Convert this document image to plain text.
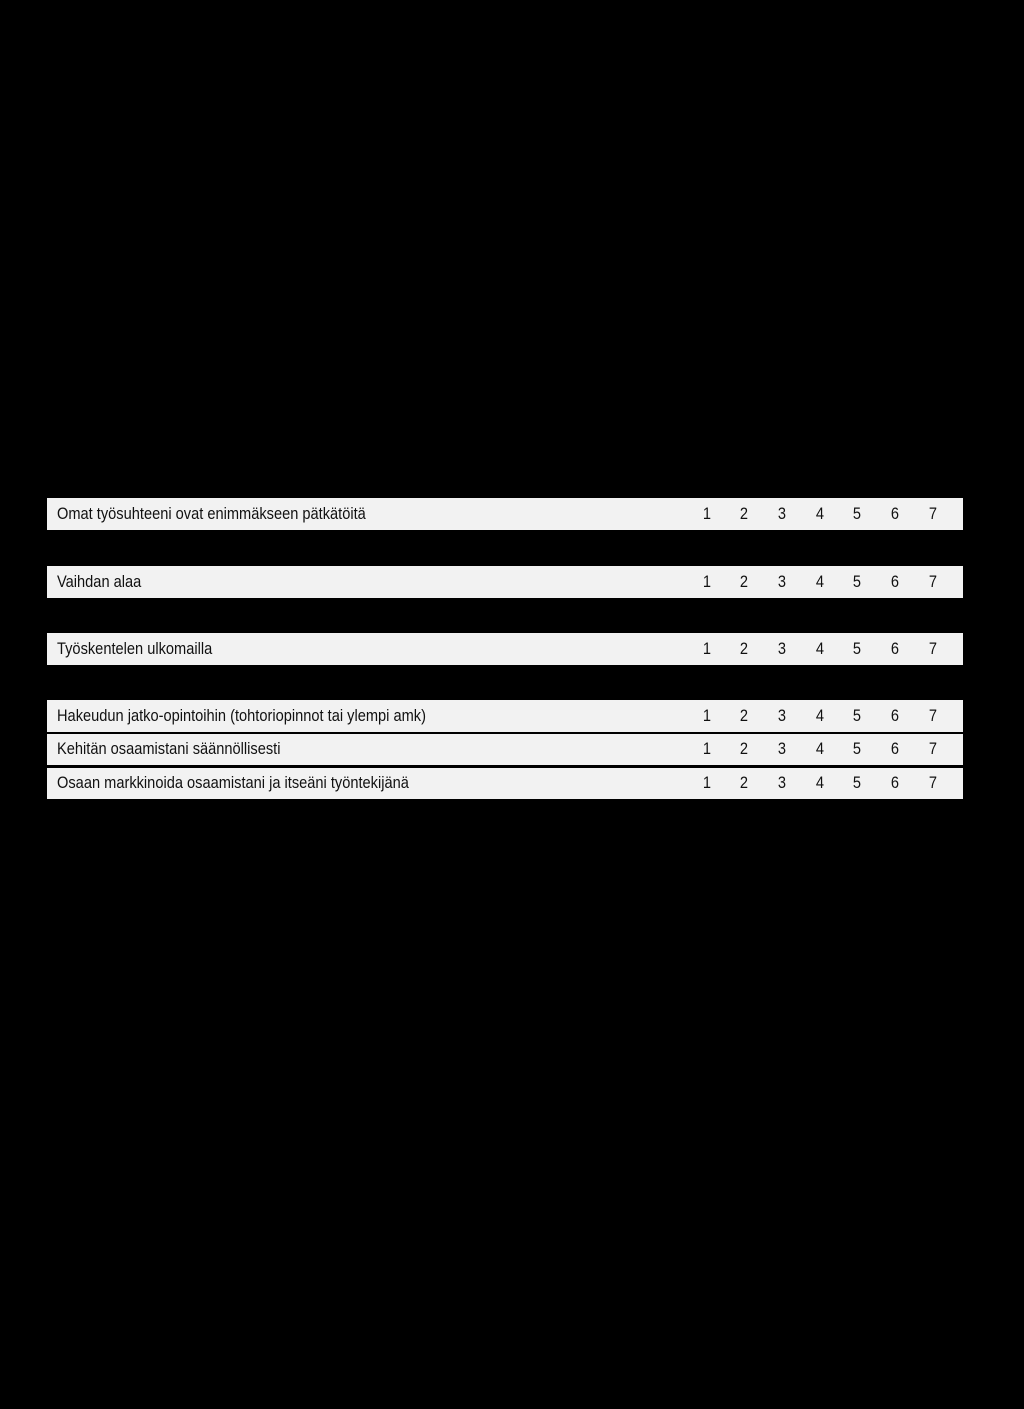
Omat työsuhteeni ovat enimmäkseen pätkätöitä	1 2 3 4 5 6 7
Vaihdan alaa	1 2 3 4 5 6 7
Työskentelen ulkomailla	1 2 3 4 5 6 7
Hakeudun jatko-opintoihin (tohtoriopinnot tai ylempi amk)	1 2 3 4 5 6 7
Kehitän osaamistani säännöllisesti	1 2 3 4 5 6 7
Osaan markkinoida osaamistani ja itseäni työntekijänä	1 2 3 4 5 6 7
